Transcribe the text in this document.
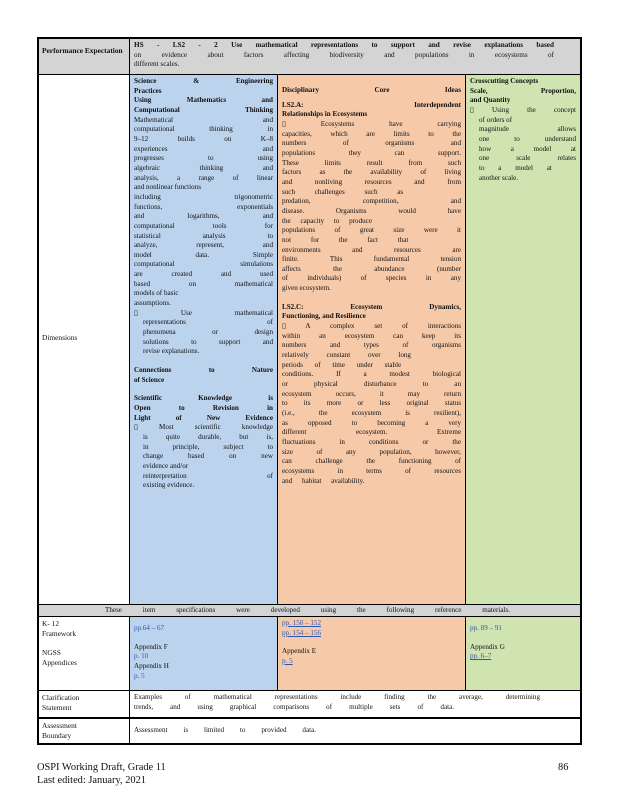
Performance Expectation
HS - LS2 - 2 Use mathematical representations to support and revise explanations based
on evidence about factors affecting biodiversity and populations in ecosystems of
different scales.
Dimensions
Science & Engineering
Practices
Using Mathematics and
Computational Thinking
Mathematical and
computational thinking in
9–12 builds on K–8
experiences and
progresses to using
algebraic thinking and
analysis, a range of linear
and nonlinear functions
including trigonometric
functions, exponentials
and logarithms, and
computational tools for
statistical analysis to
analyze, represent, and
model data. Simple
computational simulations
are created and used
based on mathematical
models of basic
assumptions.
▯ Use mathematical
representations of
phenomena or design
solutions to support and
revise explanations.
Connections to Nature
of Science
Scientific Knowledge is
Open to Revision in
Light of New Evidence
▯ Most scientific knowledge
is quite durable, but is,
in principle, subject to
change based on new
evidence and/or
reinterpretation of
existing evidence.
Disciplinary Core Ideas
LS2.A: Interdependent
Relationships in Ecosystems
▯ Ecosystems have carrying
capacities, which are limits to the
numbers of organisms and
populations they can support.
These limits result from such
factors as the availability of living
and nonliving resources and from
such challenges such as
predation, competition, and
disease. Organisms would have
the capacity to produce
populations of great size were it
not for the fact that
environments and resources are
finite. This fundamental tension
affects the abundance (number
of individuals) of species in any
given ecosystem.
LS2.C: Ecosystem Dynamics,
Functioning, and Resilience
▯ A complex set of interactions
within an ecosystem can keep its
numbers and types of organisms
relatively constant over long
periods of time under stable
conditions. If a modest biological
or physical disturbance to an
ecosystem occurs, it may return
to its more or less original status
(i.e., the ecosystem is resilient),
as opposed to becoming a very
different ecosystem. Extreme
fluctuations in conditions or the
size of any population, however,
can challenge the functioning of
ecosystems in terms of resources
and habitat availability.
Crosscutting Concepts
Scale, Proportion,
and Quantity
▯ Using the concept
of orders of
magnitude allows
one to understand
how a model at
one scale relates
to a model at
another scale.
These item specifications were developed using the following reference materials.
K- 12
Framework
NGSS
Appendices
pp.64 – 67
Appendix F
p. 10
Appendix H
p. 5
pp. 150 – 152
pp. 154 – 156
Appendix E
p. 5
pp. 89 – 91
Appendix G
pp. 6–7
Clarification
Statement
Examples of mathematical representations include finding the average, determining
trends, and using graphical comparisons of multiple sets of data.
Assessment
Boundary
Assessment is limited to provided data.
OSPI Working Draft, Grade 11
Last edited: January, 2021
86
